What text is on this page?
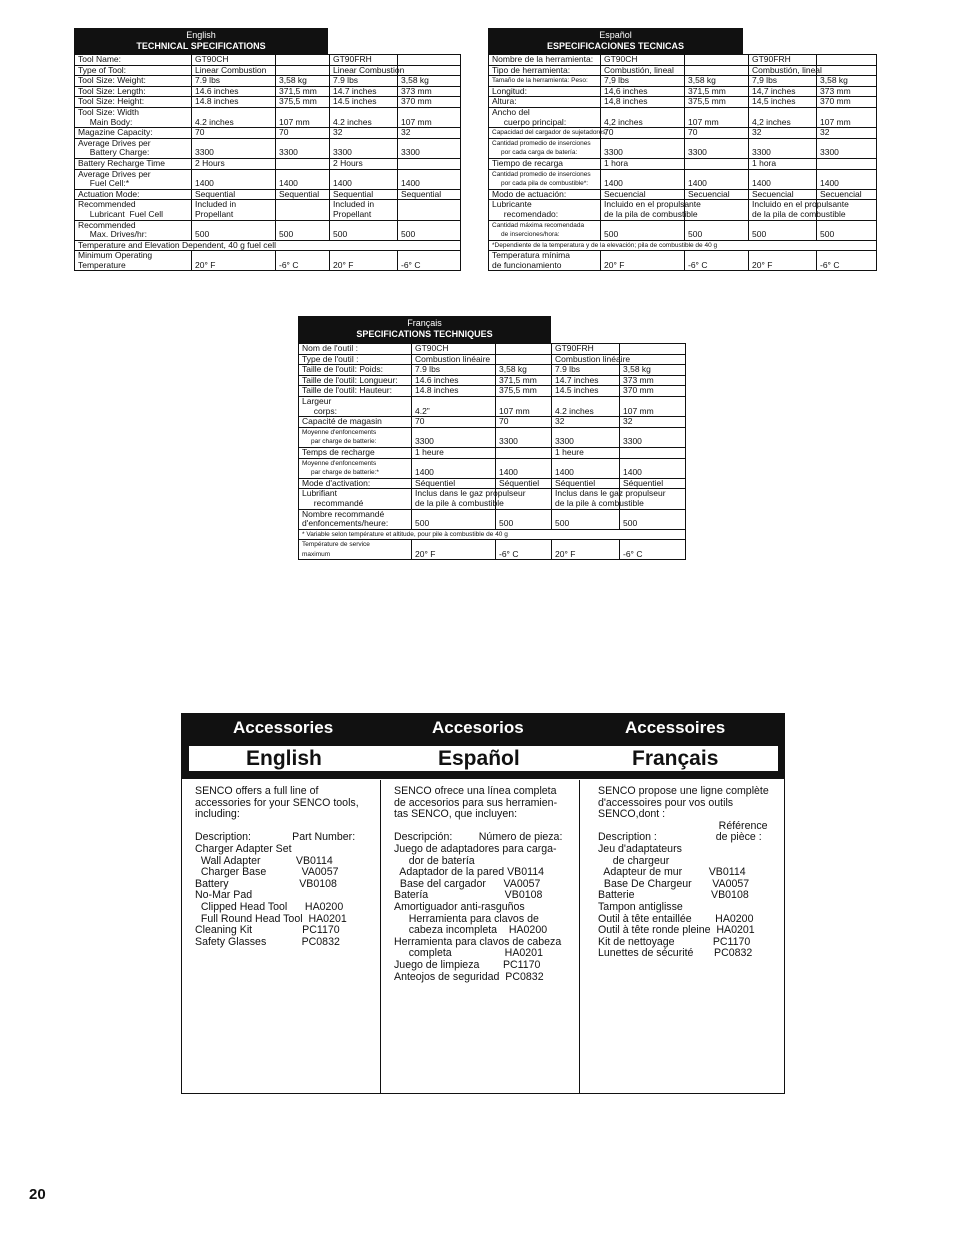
English
TECHNICAL SPECIFICATIONS
Tool Name:	GT90CH		GT90FRH	
Type of Tool:	Linear Combustion		Linear Combustion	
Tool Size: Weight:	7.9 lbs	3,58 kg	7.9 lbs	3,58 kg
Tool Size: Length:	14.6 inches	371,5 mm	14.7 inches	373 mm
Tool Size: Height:	14.8 inches	375,5 mm	14.5 inches	370 mm
Tool Size: Width
Main Body:	4.2 inches	107 mm	4.2 inches	107 mm
Magazine Capacity:	70	70	32	32
Average Drives per
Battery Charge:	3300	3300	3300	3300
Battery Recharge Time	2 Hours		2 Hours	
Average Drives per
Fuel Cell:*	1400	1400	1400	1400
Actuation Mode:	Sequential	Sequential	Sequential	Sequential
Recommended
Lubricant  Fuel Cell	Included in
Propellant		Included in
Propellant	
Recommended
Max. Drives/hr:	500	500	500	500
Temperature and Elevation Dependent, 40 g fuel cell				
Minimum Operating
Temperature	20° F	-6° C	20° F	-6° C
Español
ESPECIFICACIONES TECNICAS
Nombre de la herramienta:	GT90CH		GT90FRH	
Tipo de herramienta:	Combustión, lineal		Combustión, lineal	
Tamaño de la herramienta: Peso:	7,9 lbs	3,58 kg	7,9 lbs	3,58 kg
Longitud:	14,6 inches	371,5 mm	14,7 inches	373 mm
Altura:	14,8 inches	375,5 mm	14,5 inches	370 mm
Ancho del
cuerpo principal:	4,2 inches	107 mm	4,2 inches	107 mm
Capacidad del cargador de sujetadores:	70	70	32	32
Cantidad promedio de inserciones
por cada carga de batería:	3300	3300	3300	3300
Tiempo de recarga	1 hora		1 hora	
Cantidad promedio de inserciones
por cada pila de combustible*:	1400	1400	1400	1400
Modo de actuación:	Secuencial	Secuencial	Secuencial	Secuencial
Lubricante
recomendado:	Incluido en el propulsante
de la pila de combustible		Incluido en el propulsante
de la pila de combustible	
Cantidad máxima recomendada
de inserciones/hora:	500	500	500	500
*Dependiente de la temperatura y de la elevación; pila de combustible de 40 g				
Temperatura mínima
de funcionamiento	20° F	-6° C	20° F	-6° C
Français
SPECIFICATIONS TECHNIQUES
Nom de l'outil :	GT90CH		GT90FRH	
Type de l'outil :	Combustion linéaire		Combustion linéaire	
Taille de l'outil: Poids:	7.9 lbs	3,58 kg	7.9 lbs	3,58 kg
Taille de l'outil: Longueur:	14.6 inches	371,5 mm	14.7 inches	373 mm
Taille de l'outil: Hauteur:	14.8 inches	375,5 mm	14.5 inches	370 mm
Largeur
corps:	4.2”	107 mm	4.2 inches	107 mm
Capacité de magasin	70	70	32	32
Moyenne d'enfoncements
par charge de batterie:	3300	3300	3300	3300
Temps de recharge	1 heure		1 heure	
Moyenne d'enfoncements
par charge de batterie:*	1400	1400	1400	1400
Mode d'activation:	Séquentiel	Séquentiel	Séquentiel	Séquentiel
Lubrifiant
recommandé	Inclus dans le gaz propulseur
de la pile à combustible		Inclus dans le gaz propulseur
de la pile à combustible	
Nombre recommandé
d'enfoncements/heure:	500	500	500	500
* Variable selon température et altitude, pour pile à combustible de 40 g				
Température de service
maximum	20° F	-6° C	20° F	-6° C
Accessories	Accesorios	Accessoires
English	Español	Français
SENCO offers a full line of
accessories for your SENCO tools,
including:

Description:              Part Number:
Charger Adapter Set
Wall Adapter            VB0114
Charger Base            VA0057
Battery                        VB0108
No-Mar Pad
Clipped Head Tool      HA0200
Full Round Head Tool  HA0201
Cleaning Kit                 PC1170
Safety Glasses            PC0832
SENCO ofrece una línea completa
de accesorios para sus herramien-
tas SENCO, que incluyen:

Descripción:         Número de pieza:
Juego de adaptadores para carga-
dor de batería
Adaptador de la pared VB0114
Base del cargador      VA0057
Batería                          VB0108
Amortiguador anti-rasguños
Herramienta para clavos de
cabeza incompleta    HA0200
Herramienta para clavos de cabeza
completa                  HA0201
Juego de limpieza        PC1170
Anteojos de seguridad  PC0832
SENCO propose une ligne complète
d'accessoires pour vos outils
SENCO,dont :
Référence
Description :                    de pièce :
Jeu d'adaptateurs
de chargeur
Adapteur de mur         VB0114
Base De Chargeur       VA0057
Batterie                          VB0108
Tampon antiglisse
Outil à tête entaillée        HA0200
Outil à tête ronde pleine  HA0201
Kit de nettoyage             PC1170
Lunettes de sécurité       PC0832
20
